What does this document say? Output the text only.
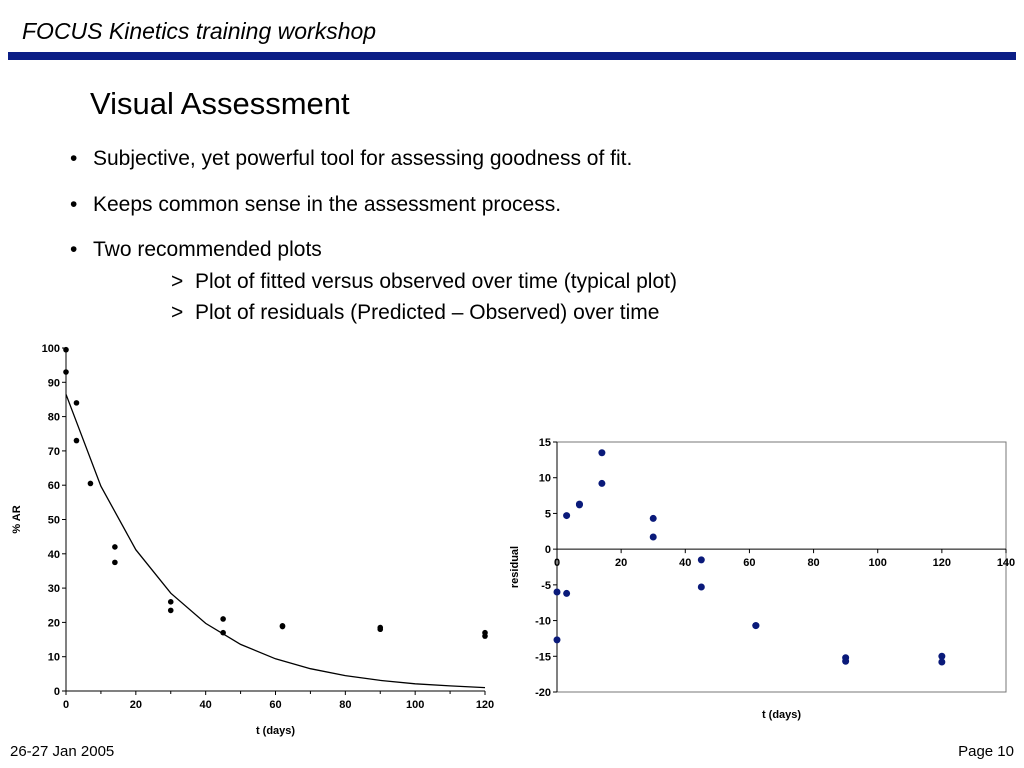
FOCUS Kinetics training workshop
Visual Assessment
• Subjective, yet powerful tool for assessing goodness of fit.
• Keeps common sense in the assessment process.
• Two recommended plots
> Plot of fitted versus observed over time (typical plot)
> Plot of residuals (Predicted – Observed) over time
0
10
20
30
40
50
60
70
80
90
100
0	20	40	60	80	100	120
t (days)
% AR
-20
-15
-10
-5
0
5
10
15
0	20	40	60	80	100	120	140
t (days)
residual
26-27 Jan 2005	Page 10
